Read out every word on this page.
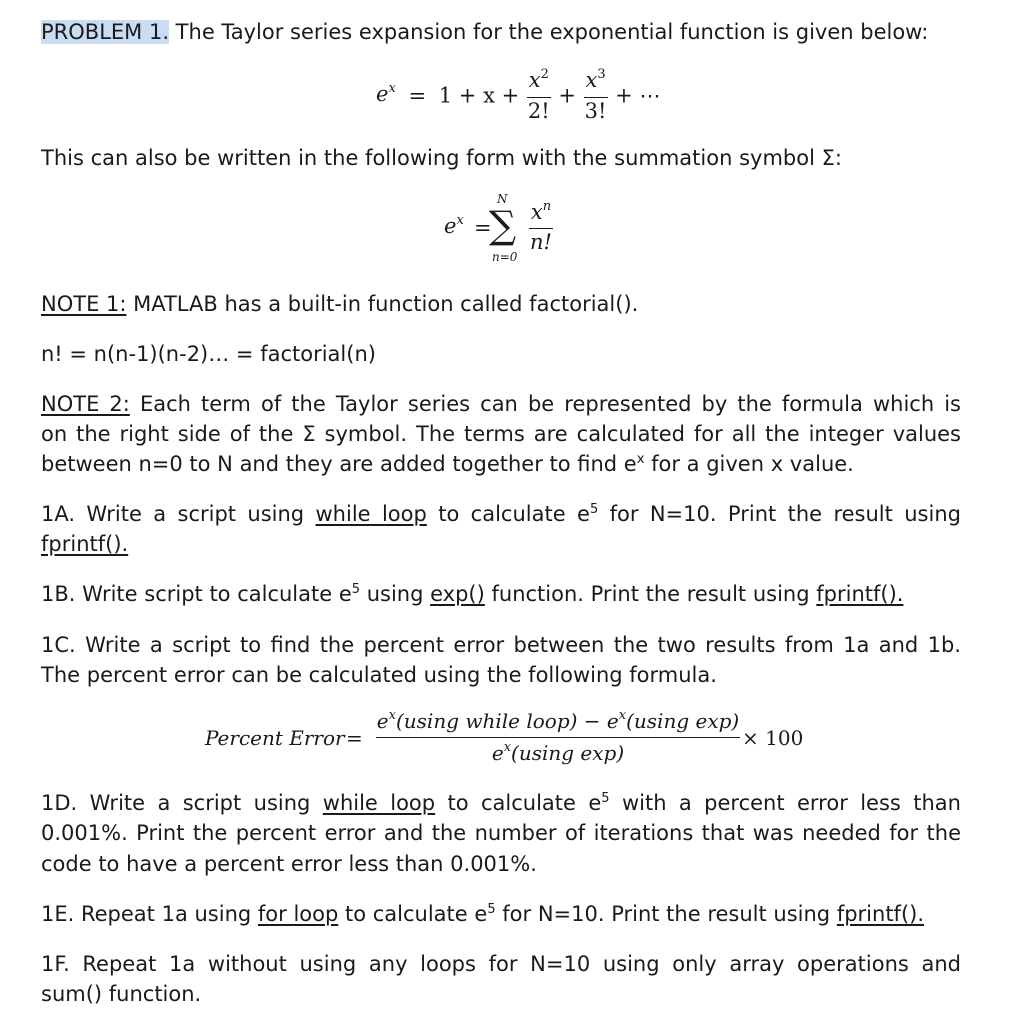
PROBLEM 1. The Taylor series expansion for the exponential function is given below:
$e^x = 1 + x + \frac{x^2}{2!} + \frac{x^3}{3!}$ + ⋯
This can also be written in the following form with the summation symbol Σ:
$e^x$ =
N
∑
n=0
$\frac{x^n}{n!}$
NOTE 1: MATLAB has a built-in function called factorial().
n! = n(n-1)(n-2)… = factorial(n)
NOTE 2: Each term of the Taylor series can be represented by the formula which is
on the right side of the Σ symbol. The terms are calculated for all the integer values
between n=0 to N and they are added together to find $e^x$ for a given x value.
1A. Write a script using while loop to calculate $e^5$ for N=10. Print the result using
fprintf().
1B. Write script to calculate $e^5$ using exp() function. Print the result using fprintf().
1C. Write a script to find the percent error between the two results from 1a and 1b.
The percent error can be calculated using the following formula.
Percent Error =
$e^x(using$ while loop) − $e^x(using$ exp)
$e^x(using$ exp)
× 100
1D. Write a script using while loop to calculate $e^5$ with a percent error less than
0.001%. Print the percent error and the number of iterations that was needed for the
code to have a percent error less than 0.001%.
1E. Repeat 1a using for loop to calculate $e^5$ for N=10. Print the result using fprintf().
1F. Repeat 1a without using any loops for N=10 using only array operations and
sum() function.
